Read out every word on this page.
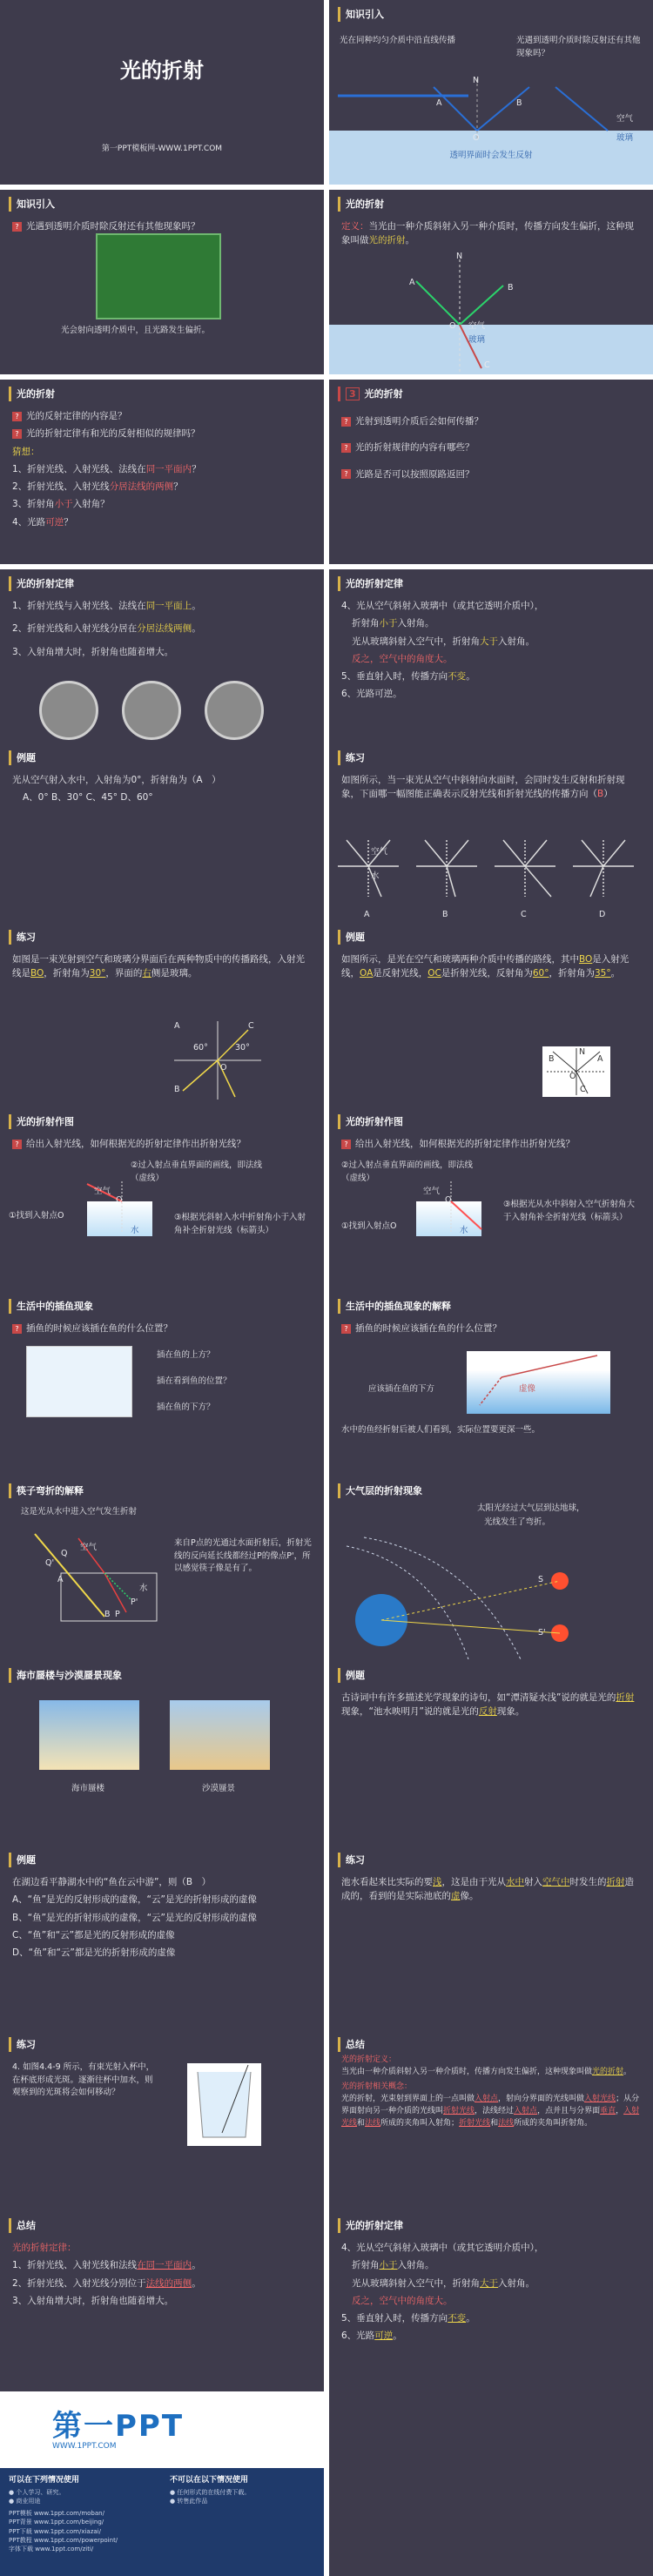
光的折射
第一PPT模板网-WWW.1PPT.COM
知识引入
光在同种均匀介质中沿直线传播	光遇到透明介质时除反射还有其他现象吗？
A
N
B
O
空气
玻璃
透明界面时会发生反射
知识引入

? 光遇到透明介质时除反射还有其他现象吗？

光会射向透明介质中，且光路发生偏折。
光的折射

定义：当光由一种介质斜射入另一种介质时，传播方向发生偏折，这种现象叫做光的折射。

A
N
O 空气
玻璃
B
C
光的折射

? 光的反射定律的内容是？

? 光的折射定律有和光的反射相似的规律吗？

猜想：

1、折射光线、入射光线、法线在同一平面内？

2、折射光线、入射光线分居法线的两侧？

3、折射角小于入射角？

4、光路可逆？

3 光的折射

? 光射到透明介质后会如何传播？

? 光的折射规律的内容有哪些？

? 光路是否可以按照原路返回？

光的折射定律

1、折射光线与入射光线、法线在同一平面上。

2、折射光线和入射光线分居在分居法线两侧。

3、入射角增大时，折射角也随着增大。

光的折射定律

4、光从空气斜射入玻璃中（或其它透明介质中），

折射角小于入射角。

光从玻璃斜射入空气中，折射角大于入射角。

反之，空气中的角度大。

5、垂直射入时，传播方向不变。

6、光路可逆。

例题

光从空气射入水中，入射角为0°，折射角为（A　）

A、0° B、30° C、45° D、60°

练习

如图所示，当一束光从空气中斜射向水面时，会同时发生反射和折射现象，下面哪一幅图能正确表示反射光线和折射光线的传播方向（B）

A	B	C	D
空气
水
练习

如图是一束光射到空气和玻璃分界面后在两种物质中的传播路线，入射光线是BO，折射角为30°，界面的右侧是玻璃。

A
B
C
O
60°	30°
例题

如图所示，是光在空气和玻璃两种介质中传播的路线，其中BO是入射光线，OA是反射光线，OC是折射光线，反射角为60°，折射角为35°。

B	A
C
N
O
光的折射作图

? 给出入射光线，如何根据光的折射定律作出折射光线？

②过入射点垂直界面的画线，即法线（虚线）
空气
水
O
①找到入射点O	③根据光斜射入水中折射角小于入射角补全折射光线（标箭头）
光的折射作图

? 给出入射光线，如何根据光的折射定律作出折射光线？

②过入射点垂直界面的画线，即法线（虚线）
空气
水
O
①找到入射点O
③根据光从水中斜射入空气折射角大于入射角补全折射光线（标箭头）
生活中的插鱼现象

? 插鱼的时候应该插在鱼的什么位置？

插在鱼的上方？
插在看到鱼的位置？
插在鱼的下方？
生活中的插鱼现象的解释

? 插鱼的时候应该插在鱼的什么位置？

虚像
应该插在鱼的下方
水中的鱼经折射后被人们看到，实际位置要更深一些。
筷子弯折的解释
这是光从水中进入空气发生折射
空气
水
Q
Q'
P
P'
A
B
来自P点的光通过水面折射后，折射光线的反向延长线都经过P的像点P'，所以感觉筷子像是有了。
大气层的折射现象
太阳光经过大气层到达地球，
光线发生了弯折。
S
S'
海市蜃楼与沙漠蜃景现象
海市蜃楼	沙漠蜃景
例题

古诗词中有许多描述光学现象的诗句，如“潭清疑水浅”说的就是光的折射现象，“池水映明月”说的就是光的反射现象。

例题

在湖边看平静湖水中的“鱼在云中游”，则（B　）

A、“鱼”是光的反射形成的虚像，“云”是光的折射形成的虚像

B、“鱼”是光的折射形成的虚像，“云”是光的反射形成的虚像

C、“鱼”和“云”都是光的反射形成的虚像

D、“鱼”和“云”都是光的折射形成的虚像

练习

池水看起来比实际的要浅，这是由于光从水中射入空气中时发生的折射造成的，看到的是实际池底的虚像。

练习
4. 如图4.4-9 所示，有束光射入杯中，在杯底形成光斑。逐渐往杯中加水，则观察到的光斑将会如何移动？
总结

光的折射定义：

当光由一种介质斜射入另一种介质时，传播方向发生偏折，这种现象叫做光的折射。

光的折射相关概念：

光的折射，光束射到界面上的一点叫做入射点，射向分界面的光线叫做入射光线；从分界面射向另一种介质的光线叫折射光线，法线经过入射点，点并且与分界面垂直，入射光线和法线所成的夹角叫入射角；折射光线和法线所成的夹角叫折射角。

总结

光的折射定律：

1、折射光线、入射光线和法线在同一平面内。

2、折射光线、入射光线分别位于法线的两侧。

3、入射角增大时，折射角也随着增大。

光的折射定律

4、光从空气斜射入玻璃中（或其它透明介质中），

折射角小于入射角。

光从玻璃斜射入空气中，折射角大于入射角。

反之，空气中的角度大。

5、垂直射入时，传播方向不变。

6、光路可逆。

第一PPT
WWW.1PPT.COM
可以在下列情况使用
● 个人学习、研究。
● 商业用途
PPT模板 www.1ppt.com/moban/
PPT背景 www.1ppt.com/beijing/
PPT下载 www.1ppt.com/xiazai/
PPT教程 www.1ppt.com/powerpoint/
字体下载 www.1ppt.com/ziti/
不可以在以下情况使用
● 任何形式的在线付费下载。
● 转售此作品
